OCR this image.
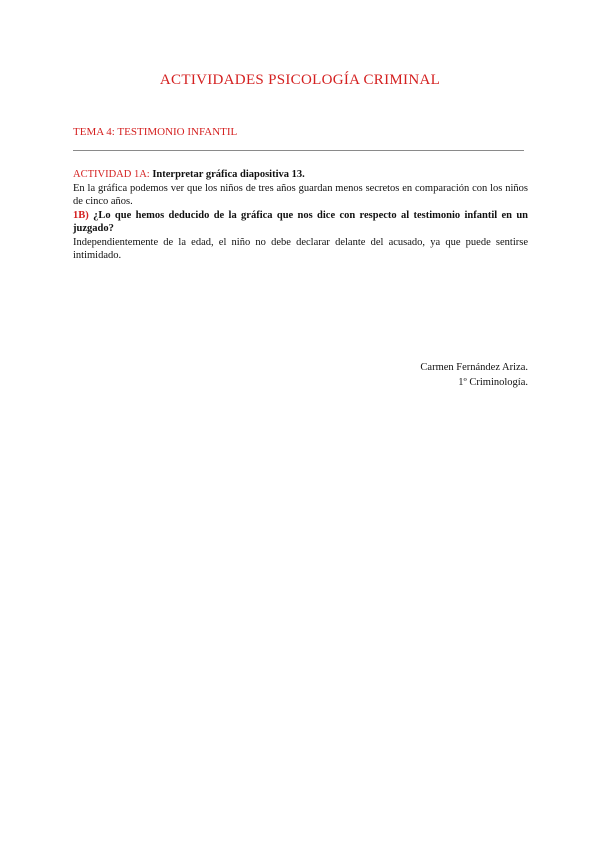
ACTIVIDADES PSICOLOGÍA CRIMINAL
TEMA 4: TESTIMONIO INFANTIL

ACTIVIDAD 1A: Interpretar gráfica diapositiva 13.

En la gráfica podemos ver que los niños de tres años guardan menos secretos en comparación con los niños de cinco años.

1B) ¿Lo que hemos deducido de la gráfica que nos dice con respecto al testimonio infantil en un juzgado?

Independientemente de la edad, el niño no debe declarar delante del acusado, ya que puede sentirse intimidado.

Carmen Fernández Ariza.
1º Criminología.
